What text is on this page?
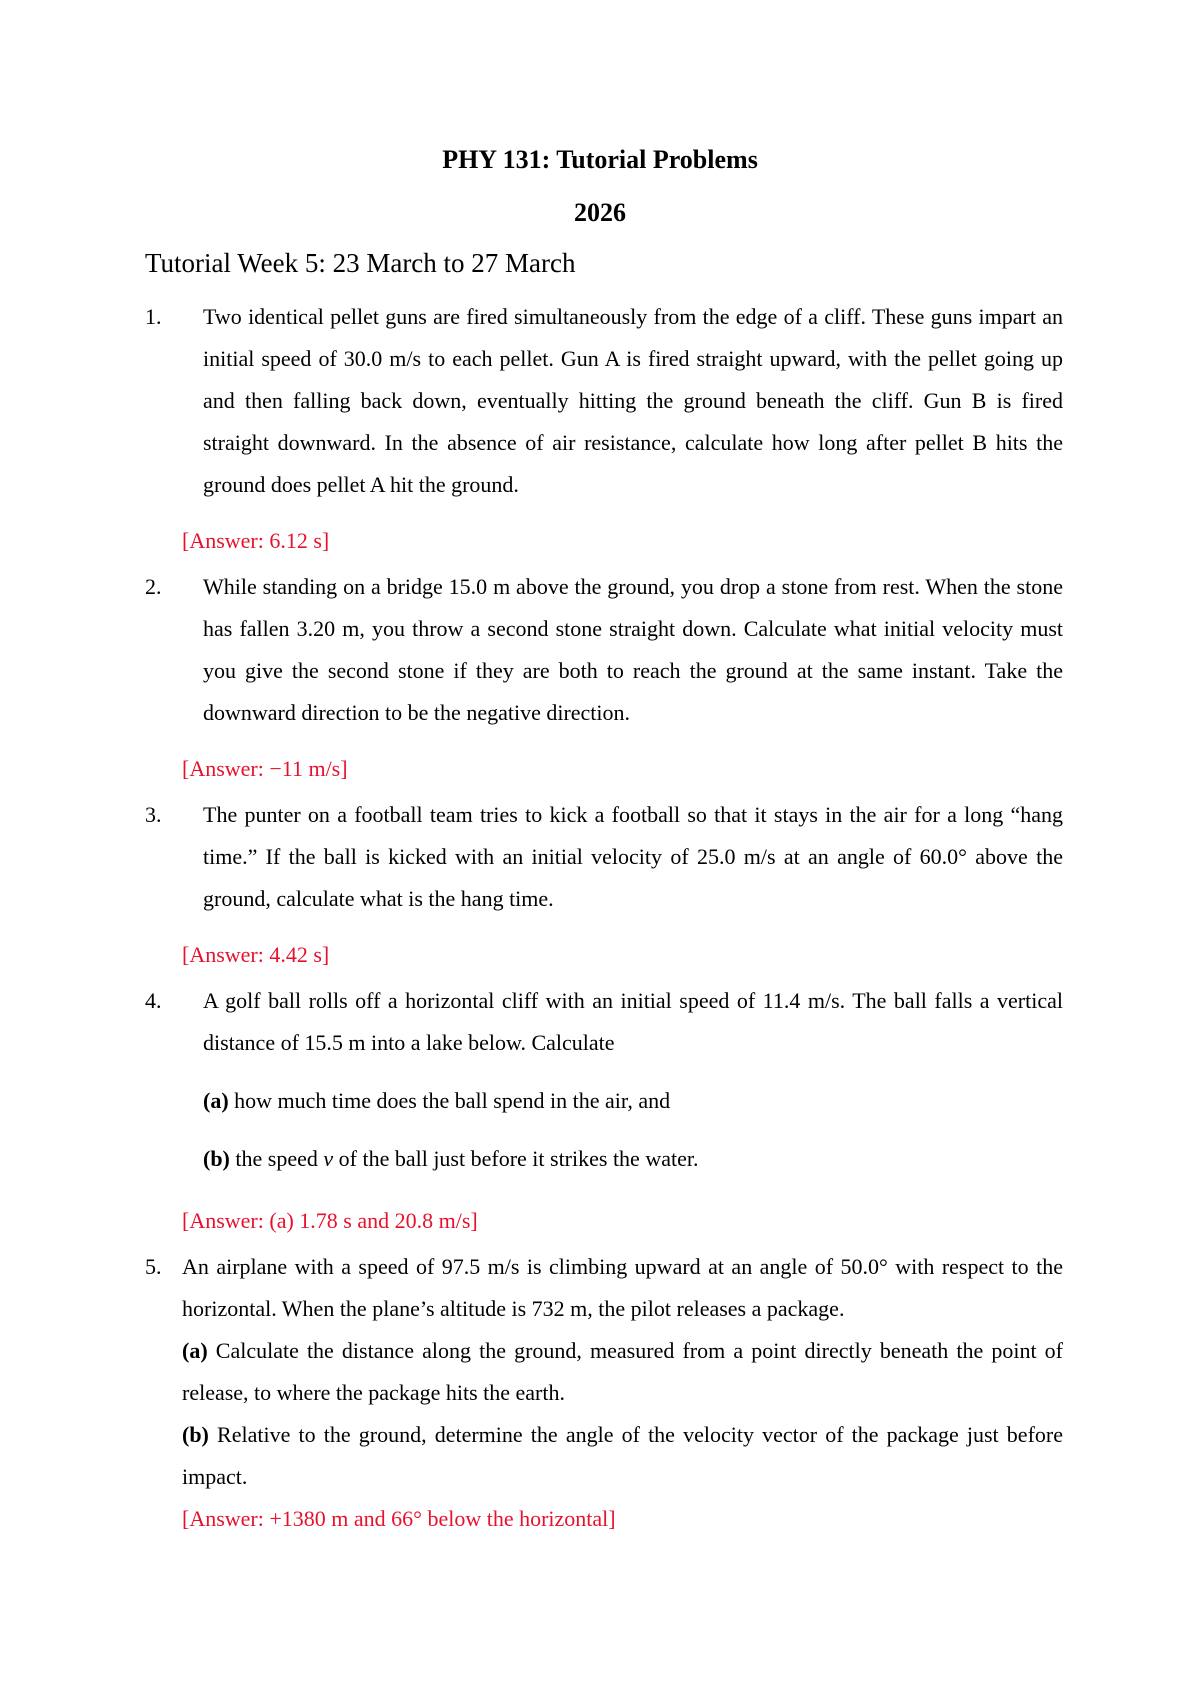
PHY 131: Tutorial Problems

2026

Tutorial Week 5: 23 March to 27 March

1. Two identical pellet guns are fired simultaneously from the edge of a cliff. These guns impart an initial speed of 30.0 m/s to each pellet. Gun A is fired straight upward, with the pellet going up and then falling back down, eventually hitting the ground beneath the cliff. Gun B is fired straight downward. In the absence of air resistance, calculate how long after pellet B hits the ground does pellet A hit the ground.
[Answer: 6.12 s]
2. While standing on a bridge 15.0 m above the ground, you drop a stone from rest. When the stone has fallen 3.20 m, you throw a second stone straight down. Calculate what initial velocity must you give the second stone if they are both to reach the ground at the same instant. Take the downward direction to be the negative direction.
[Answer: −11 m/s]
3. The punter on a football team tries to kick a football so that it stays in the air for a long “hang time.” If the ball is kicked with an initial velocity of 25.0 m/s at an angle of 60.0° above the ground, calculate what is the hang time.
[Answer: 4.42 s]
4. A golf ball rolls off a horizontal cliff with an initial speed of 11.4 m/s. The ball falls a vertical distance of 15.5 m into a lake below. Calculate
(a) how much time does the ball spend in the air, and
(b) the speed v of the ball just before it strikes the water.
[Answer: (a) 1.78 s and 20.8 m/s]
5. An airplane with a speed of 97.5 m/s is climbing upward at an angle of 50.0° with respect to the horizontal. When the plane’s altitude is 732 m, the pilot releases a package.
(a) Calculate the distance along the ground, measured from a point directly beneath the point of release, to where the package hits the earth.
(b) Relative to the ground, determine the angle of the velocity vector of the package just before impact.
[Answer: +1380 m and 66° below the horizontal]
